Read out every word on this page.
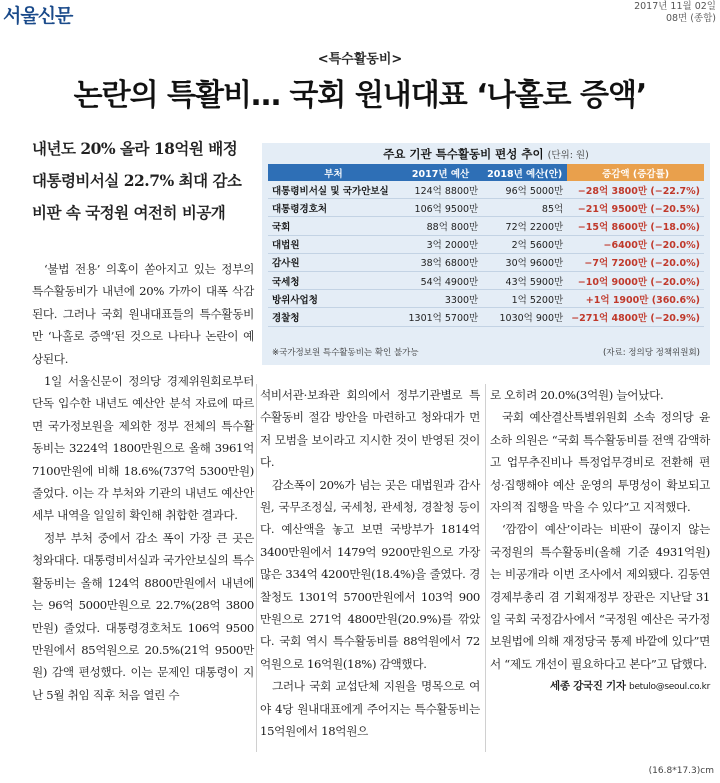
서울신문	2017년 11월 02일
08면 (종합)
<특수활동비>
논란의 특활비… 국회 원내대표 ‘나홀로 증액’
내년도 20% 올라 18억원 배정
대통령비서실 22.7% 최대 감소
비판 속 국정원 여전히 비공개
주요 기관 특수활동비 편성 추이 (단위: 원)
부처	2017년 예산	2018년 예산(안)	증감액 (증감률)
대통령비서실 및 국가안보실	124억 8800만	96억 5000만	−28억 3800만 (−22.7%)
대통령경호처	106억 9500만	85억	−21억 9500만 (−20.5%)
국회	88억 800만	72억 2200만	−15억 8600만 (−18.0%)
대법원	3억 2000만	2억 5600만	−6400만 (−20.0%)
감사원	38억 6800만	30억 9600만	−7억 7200만 (−20.0%)
국세청	54억 4900만	43억 5900만	−10억 9000만 (−20.0%)
방위사업청	3300만	1억 5200만	+1억 1900만 (360.6%)
경찰청	1301억 5700만	1030억 900만	−271억 4800만 (−20.9%)
※국가정보원 특수활동비는 확인 불가능	(자료: 정의당 정책위원회)

‘불법 전용’ 의혹이 쏟아지고 있는 정부의 특수활동비가 내년에 20% 가까이 대폭 삭감된다. 그러나 국회 원내대표들의 특수활동비만 ‘나홀로 증액’된 것으로 나타나 논란이 예상된다.

1일 서울신문이 정의당 경제위원회로부터 단독 입수한 내년도 예산안 분석 자료에 따르면 국가정보원을 제외한 정부 전체의 특수활동비는 3224억 1800만원으로 올해 3961억 7100만원에 비해 18.6%(737억 5300만원) 줄었다. 이는 각 부처와 기관의 내년도 예산안 세부 내역을 일일히 확인해 취합한 결과다.

정부 부처 중에서 감소 폭이 가장 큰 곳은 청와대다. 대통령비서실과 국가안보실의 특수활동비는 올해 124억 8800만원에서 내년에는 96억 5000만원으로 22.7%(28억 3800만원) 줄었다. 대통령경호처도 106억 9500만원에서 85억원으로 20.5%(21억 9500만원) 감액 편성했다. 이는 문제인 대통령이 지난 5월 취임 직후 처음 열린 수

석비서관·보좌관 회의에서 정부기관별로 특수활동비 절감 방안을 마련하고 청와대가 먼저 모범을 보이라고 지시한 것이 반영된 것이다.

감소폭이 20%가 넘는 곳은 대법원과 감사원, 국무조정실, 국세청, 관세청, 경찰청 등이다. 예산액을 놓고 보면 국방부가 1814억 3400만원에서 1479억 9200만원으로 가장 많은 334억 4200만원(18.4%)을 줄였다. 경찰청도 1301억 5700만원에서 103억 900만원으로 271억 4800만원(20.9%)를 깎았다. 국회 역시 특수활동비를 88억원에서 72억원으로 16억원(18%) 감액했다.

그러나 국회 교섭단체 지원을 명목으로 여야 4당 원내대표에게 주어지는 특수활동비는 15억원에서 18억원으

로 오히려 20.0%(3억원) 늘어났다.

국회 예산결산특별위원회 소속 정의당 윤소하 의원은 “국회 특수활동비를 전액 감액하고 업무추진비나 특정업무경비로 전환해 편성·집행해야 예산 운영의 투명성이 확보되고 자의적 집행을 막을 수 있다”고 지적했다.

‘깜깜이 예산’이라는 비판이 끊이지 않는 국정원의 특수활동비(올해 기준 4931억원)는 비공개라 이번 조사에서 제외됐다. 김동연 경제부총리 겸 기획재정부 장관은 지난달 31일 국회 국정감사에서 “국정원 예산은 국가정보원법에 의해 재정당국 통제 바깥에 있다”면서 “제도 개선이 필요하다고 본다”고 답했다.

세종 강국진 기자 betulo@seoul.co.kr

(16.8*17.3)cm
